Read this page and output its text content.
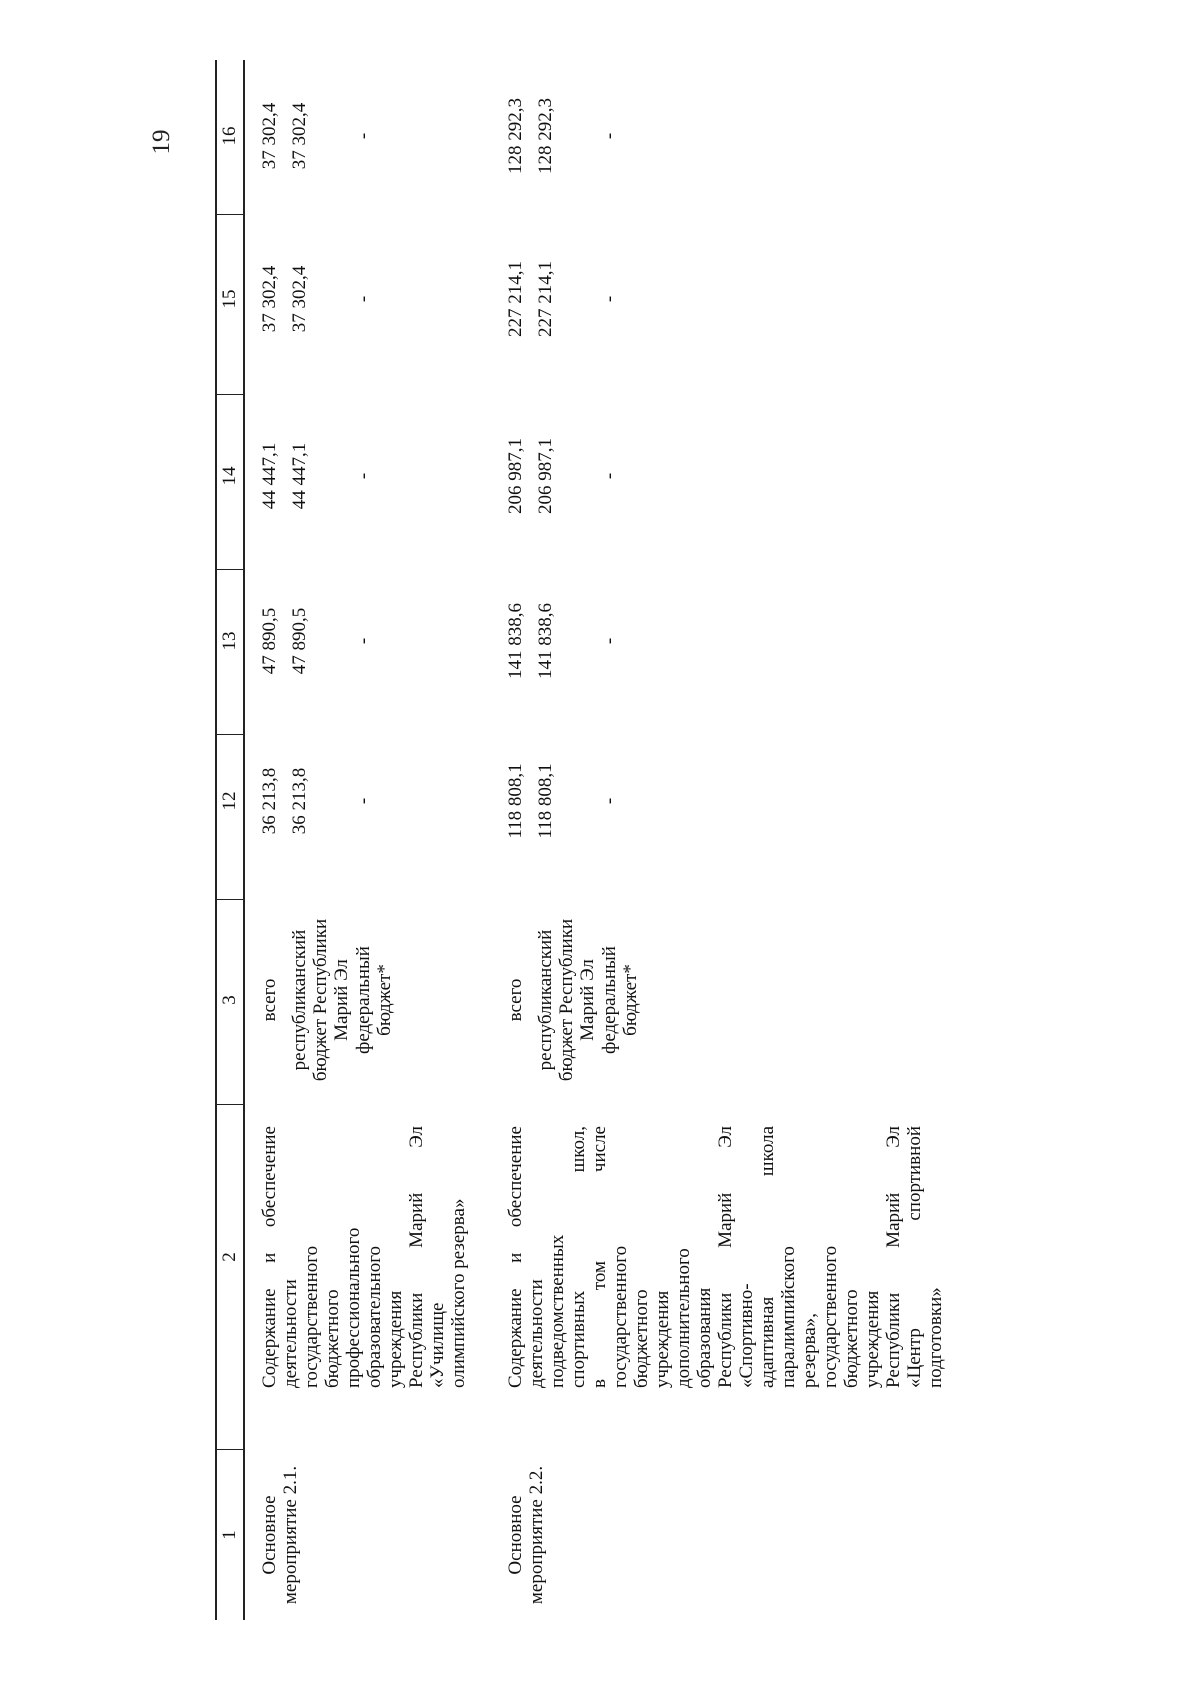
19
1
2
3
12
13
14
15
16
Основное мероприятие 2.1.
Содержание и обеспечение деятельности государственного бюджетного профессионального образовательного учреждения Республики Марий Эл «Училище олимпийского резерва»
всего республиканский бюджет Республики Марий Эл федеральный бюджет*
36 213,8
47 890,5
44 447,1
37 302,4
37 302,4
36 213,8
47 890,5
44 447,1
37 302,4
37 302,4
-
-
-
-
-
Основное мероприятие 2.2.
Содержание и обеспечение деятельности подведомственных спортивных школ, в том числе государственного бюджетного учреждения дополнительного образования Республики Марий Эл «Спортивно- адаптивная школа паралимпийского резерва», государственного бюджетного учреждения Республики Марий Эл «Центр спортивной подготовки»
всего республиканский бюджет Республики Марий Эл федеральный бюджет*
118 808,1
141 838,6
206 987,1
227 214,1
128 292,3
118 808,1
141 838,6
206 987,1
227 214,1
128 292,3
-
-
-
-
-
